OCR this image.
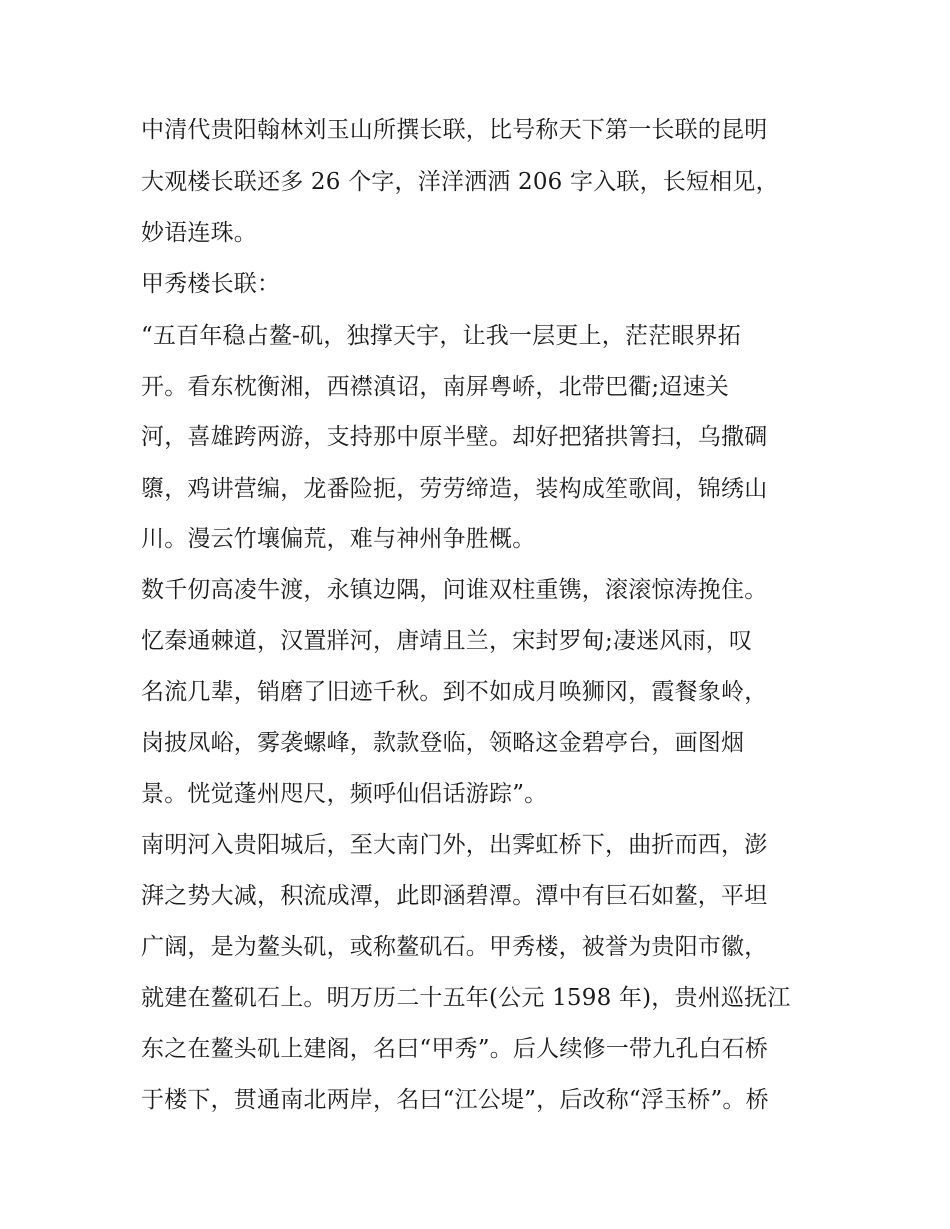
中清代贵阳翰林刘玉山所撰长联，比号称天下第一长联的昆明
大观楼长联还多 26 个字，洋洋洒洒 206 字入联，长短相见，
妙语连珠。
甲秀楼长联：
“五百年稳占鳌-矶，独撑天宇，让我一层更上，茫茫眼界拓
开。看东枕衡湘，西襟滇诏，南屏粤峤，北带巴衢;迢速关
河，喜雄跨两游，支持那中原半壁。却好把猪拱箐扫，乌撒碉
隳，鸡讲营编，龙番险扼，劳劳缔造，装构成笙歌闾，锦绣山
川。漫云竹壤偏荒，难与神州争胜概。
数千仞高凌牛渡，永镇边隅，问谁双柱重镌，滚滚惊涛挽住。
忆秦通棘道，汉置牂河，唐靖且兰，宋封罗甸;凄迷风雨，叹
名流几辈，销磨了旧迹千秋。到不如成月唤狮冈，霞餐象岭，
岗披凤峪，雾袭螺峰，款款登临，领略这金碧亭台，画图烟
景。恍觉蓬州咫尺，频呼仙侣话游踪”。
南明河入贵阳城后，至大南门外，出霁虹桥下，曲折而西，澎
湃之势大减，积流成潭，此即涵碧潭。潭中有巨石如鳌，平坦
广阔，是为鳌头矶，或称鳌矶石。甲秀楼，被誉为贵阳市徽，
就建在鳌矶石上。明万历二十五年(公元 1598 年)，贵州巡抚江
东之在鳌头矶上建阁，名曰“甲秀”。后人续修一带九孔白石桥
于楼下，贯通南北两岸，名曰“江公堤”，后改称“浮玉桥”。桥
